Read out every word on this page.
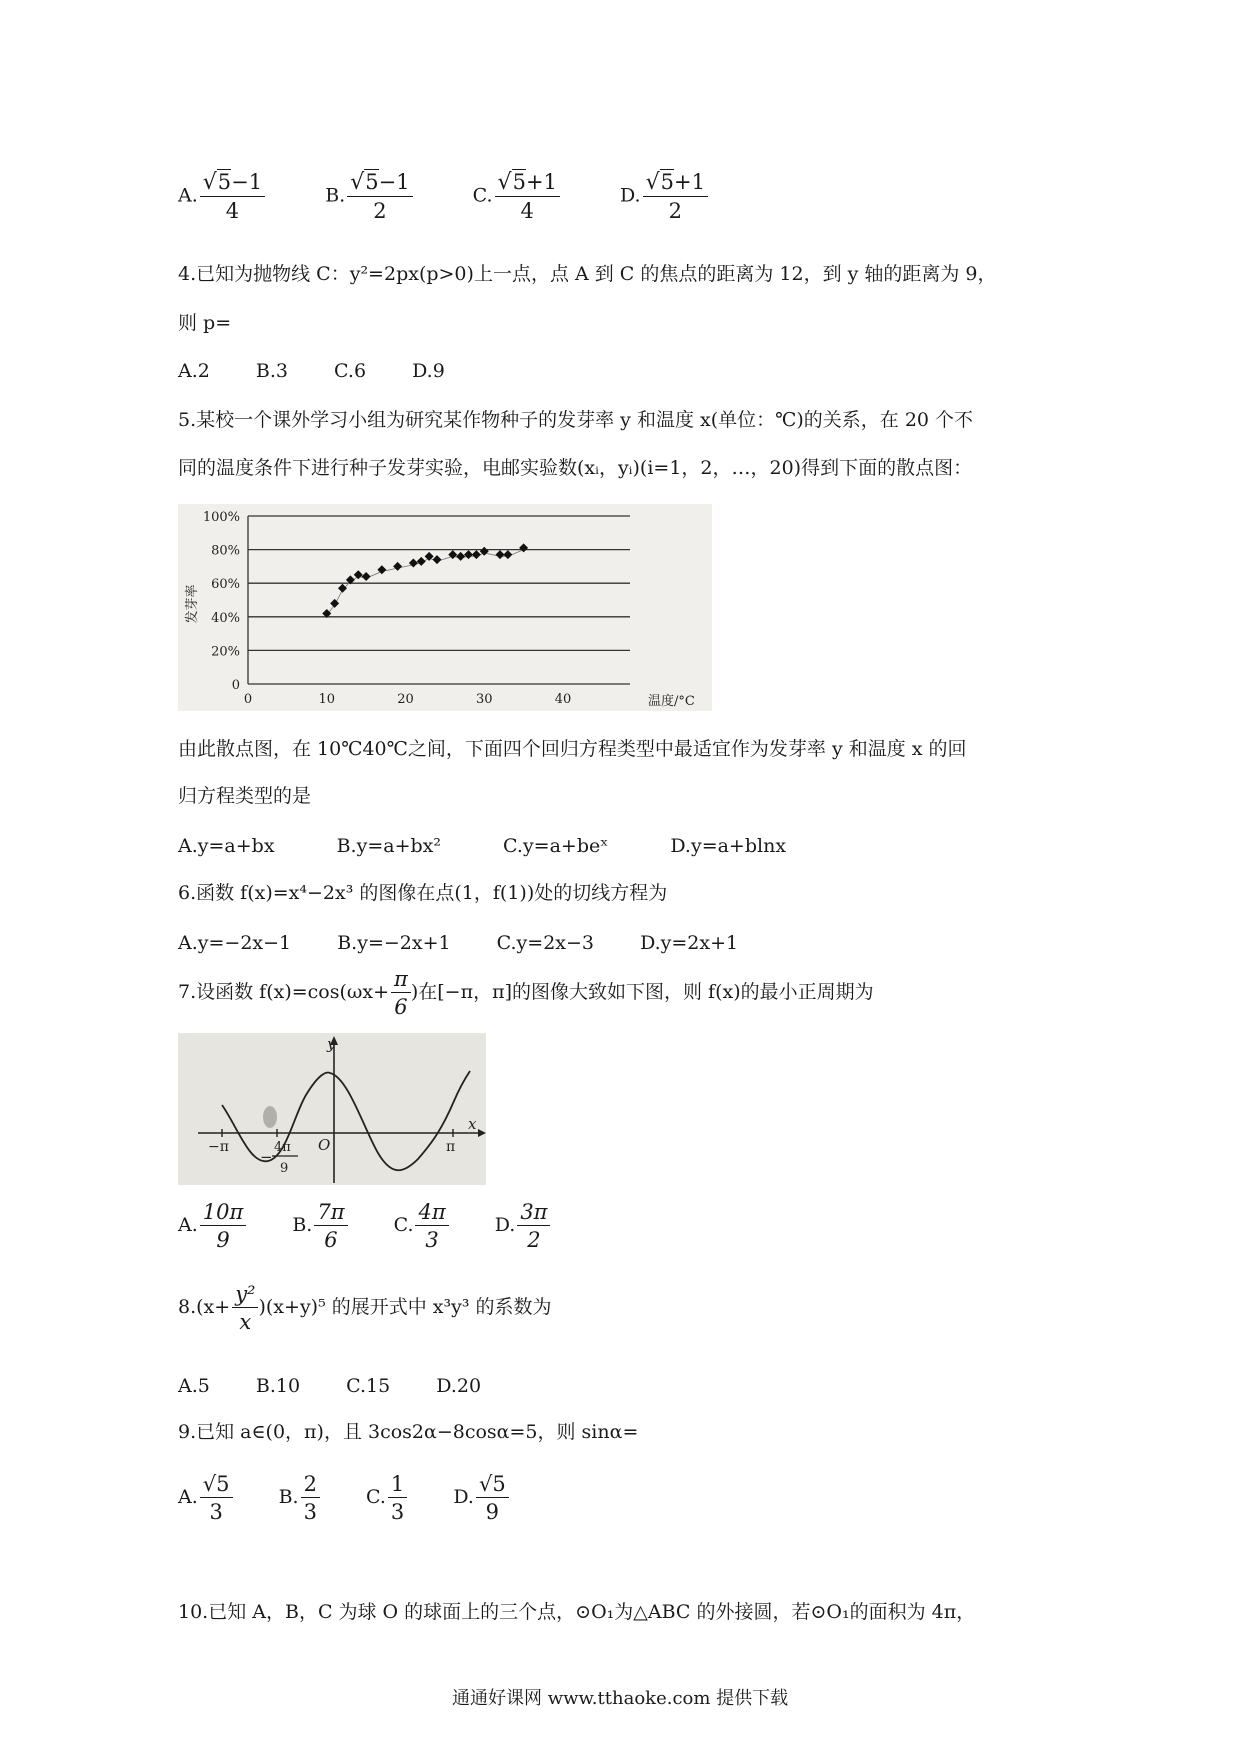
A. $\frac{√5-1}{4}$	B. $\frac{√5-1}{2}$	C. $\frac{√5+1}{4}$	D. $\frac{√5+1}{2}$
4.已知为抛物线 C：y²=2px(p>0)上一点，点 A 到 C 的焦点的距离为 12，到 y 轴的距离为 9，
则 p=
A.2 B.3 C.6 D.9
5.某校一个课外学习小组为研究某作物种子的发芽率 y 和温度 x(单位：℃)的关系，在 20 个不
同的温度条件下进行种子发芽实验，电邮实验数(xᵢ，yᵢ)(i=1，2，…，20)得到下面的散点图：
0
20%
40%
60%
80%
100%
0	10	20	30	40	温度/°C
发芽率
由此散点图，在 10℃40℃之间，下面四个回归方程类型中最适宜作为发芽率 y 和温度 x 的回
归方程类型的是
A.y=a+bx	B.y=a+bx²	C.y=a+beˣ	D.y=a+blnx
6.函数 f(x)=x⁴−2x³ 的图像在点(1，f(1))处的切线方程为
A.y=−2x−1 B.y=−2x+1 C.y=2x−3 D.y=2x+1
7.设函数 $f(x)=\cos(\omega x+ \frac{\pi}{6}$ )在[−π，π]的图像大致如下图，则 f(x)的最小正周期为
y
x
O
−π	π
−
4π
9
A. $\frac{10\pi}{9} B$. $\frac{7\pi}{6} C$. $\frac{4\pi}{3} D$. $\frac{3\pi}{2}$
$8.(x+ \frac{\text{y²}}{x} )(x+y)^5$ 的展开式中 x³y³ 的系数为
A.5 B.10 C.15 D.20
9.已知 a∈(0，π)，且 3cos2α−8cosα=5，则 sinα=
A. $\frac{√5}{3} B$. $\frac{2}{3} C$. $\frac{1}{3} D$. $\frac{√5}{9}$
10.已知 A，B，C 为球 O 的球面上的三个点，⊙O₁为△ABC 的外接圆，若⊙O₁的面积为 4π，
通通好课网 www.tthaoke.com 提供下载
